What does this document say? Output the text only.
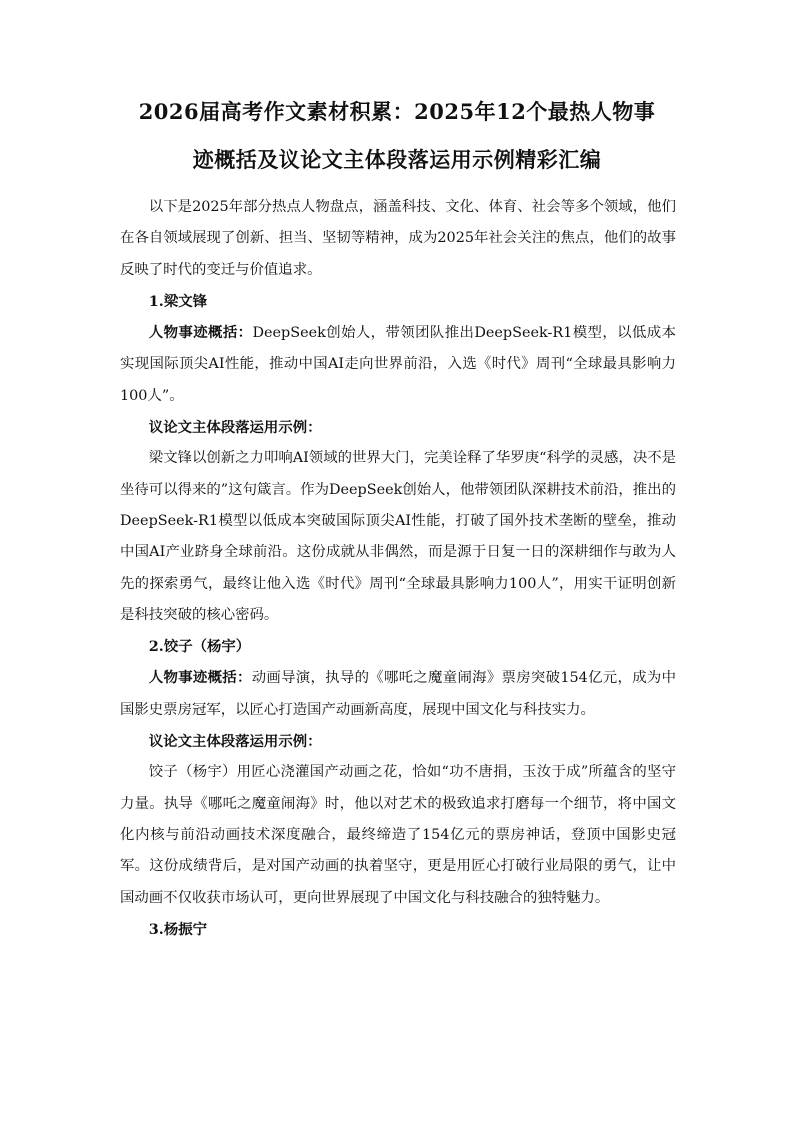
2026届高考作文素材积累：2025年12个最热人物事
迹概括及议论文主体段落运用示例精彩汇编

以下是2025年部分热点人物盘点，涵盖科技、文化、体育、社会等多个领域，他们在各自领域展现了创新、担当、坚韧等精神，成为2025年社会关注的焦点，他们的故事反映了时代的变迁与价值追求。

1.梁文锋

人物事迹概括：DeepSeek创始人，带领团队推出DeepSeek-R1模型，以低成本实现国际顶尖AI性能，推动中国AI走向世界前沿，入选《时代》周刊“全球最具影响力100人”。

议论文主体段落运用示例：

梁文锋以创新之力叩响AI领域的世界大门，完美诠释了华罗庚“科学的灵感，决不是坐待可以得来的”这句箴言。作为DeepSeek创始人，他带领团队深耕技术前沿，推出的DeepSeek-R1模型以低成本突破国际顶尖AI性能，打破了国外技术垄断的壁垒，推动中国AI产业跻身全球前沿。这份成就从非偶然，而是源于日复一日的深耕细作与敢为人先的探索勇气，最终让他入选《时代》周刊“全球最具影响力100人”，用实干证明创新是科技突破的核心密码。

2.饺子（杨宇）

人物事迹概括：动画导演，执导的《哪吒之魔童闹海》票房突破154亿元，成为中国影史票房冠军，以匠心打造国产动画新高度，展现中国文化与科技实力。

议论文主体段落运用示例：

饺子（杨宇）用匠心浇灌国产动画之花，恰如“功不唐捐，玉汝于成”所蕴含的坚守力量。执导《哪吒之魔童闹海》时，他以对艺术的极致追求打磨每一个细节，将中国文化内核与前沿动画技术深度融合，最终缔造了154亿元的票房神话，登顶中国影史冠军。这份成绩背后，是对国产动画的执着坚守，更是用匠心打破行业局限的勇气，让中国动画不仅收获市场认可，更向世界展现了中国文化与科技融合的独特魅力。

3.杨振宁
